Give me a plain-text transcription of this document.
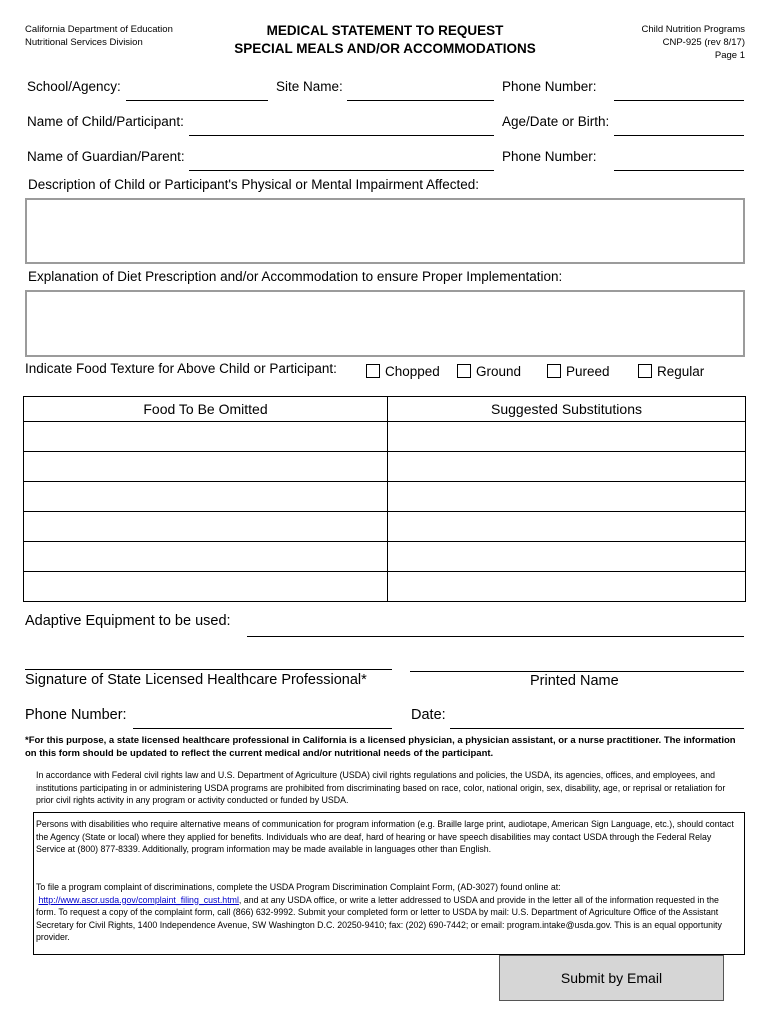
California Department of Education
Nutritional Services Division
MEDICAL STATEMENT TO REQUEST
SPECIAL MEALS AND/OR ACCOMMODATIONS
Child Nutrition Programs
CNP-925 (rev 8/17)
Page 1
School/Agency:	Site Name:	Phone Number:
Name of Child/Participant:	Age/Date or Birth:
Name of Guardian/Parent:	Phone Number:
Description of Child or Participant's Physical or Mental Impairment Affected:
Explanation of Diet Prescription and/or Accommodation to ensure Proper Implementation:
Indicate Food Texture for Above Child or Participant:	Chopped	Ground	Pureed	Regular
Food To Be Omitted	Suggested Substitutions

Adaptive Equipment to be used:
Signature of State Licensed Healthcare Professional*	Printed Name
Phone Number:	Date:
*For this purpose, a state licensed healthcare professional in California is a licensed physician, a physician assistant, or a nurse practitioner. The information on this form should be updated to reflect the current medical and/or nutritional needs of the participant.
In accordance with Federal civil rights law and U.S. Department of Agriculture (USDA) civil rights regulations and policies, the USDA, its agencies, offices, and employees, and institutions participating in or administering USDA programs are prohibited from discriminating based on race, color, national origin, sex, disability, age, or reprisal or retaliation for prior civil rights activity in any program or activity conducted or funded by USDA.
Persons with disabilities who require alternative means of communication for program information (e.g. Braille large print, audiotape, American Sign Language, etc.), should contact the Agency (State or local) where they applied for benefits. Individuals who are deaf, hard of hearing or have speech disabilities may contact USDA through the Federal Relay Service at (800) 877-8339. Additionally, program information may be made available in languages other than English.
To file a program complaint of discriminations, complete the USDA Program Discrimination Complaint Form, (AD-3027) found online at:
http://www.ascr.usda.gov/complaint_filing_cust.html, and at any USDA office, or write a letter addressed to USDA and provide in the letter all of the information requested in the form. To request a copy of the complaint form, call (866) 632-9992. Submit your completed form or letter to USDA by mail: U.S. Department of Agriculture Office of the Assistant Secretary for Civil Rights, 1400 Independence Avenue, SW Washington D.C. 20250-9410; fax: (202) 690-7442; or email: program.intake@usda.gov. This is an equal opportunity provider.
Submit by Email
